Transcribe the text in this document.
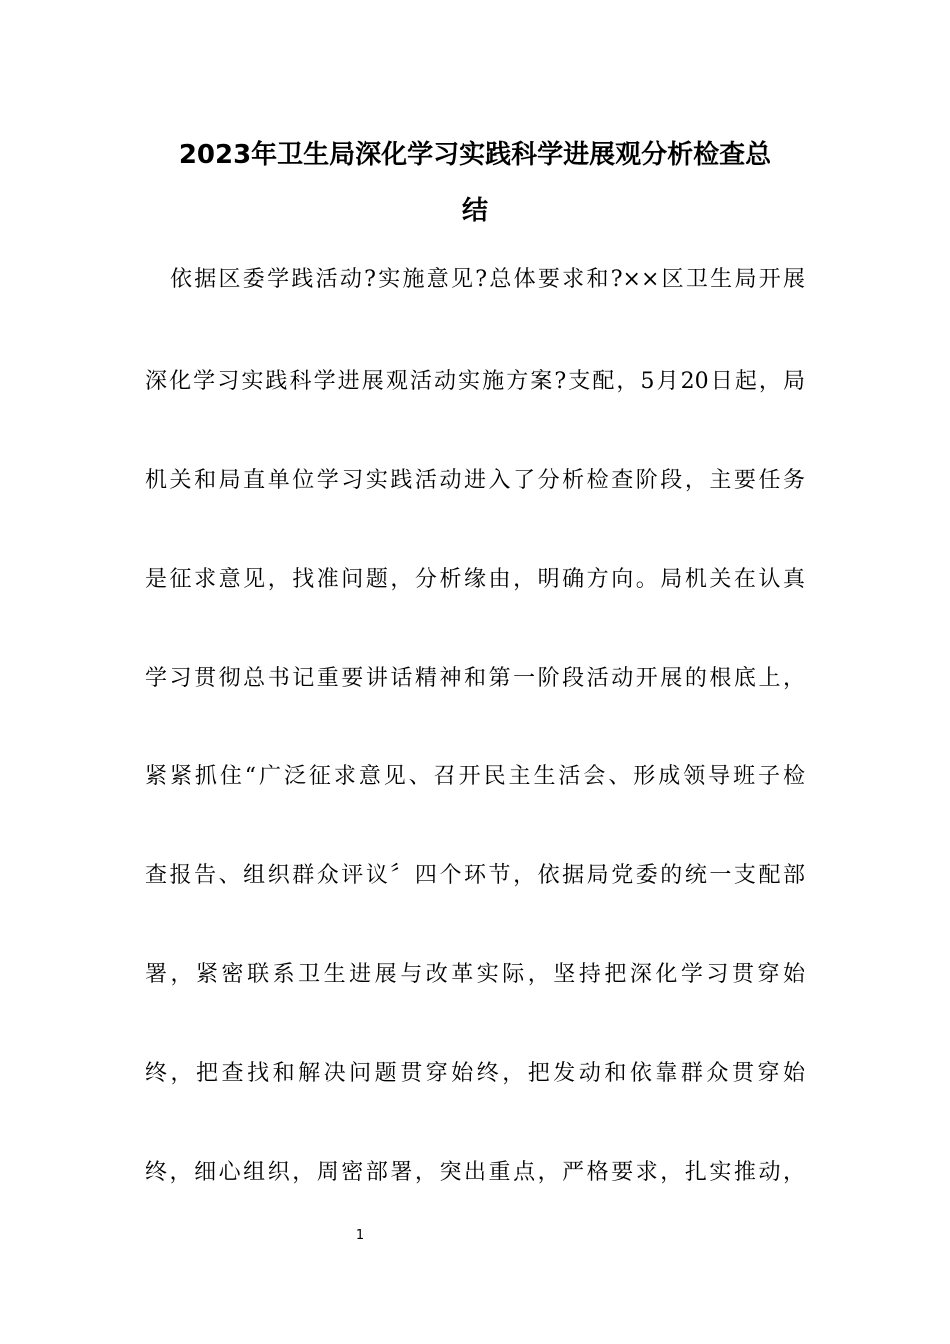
2023年卫生局深化学习实践科学进展观分析检查总
结
依据区委学践活动?实施意见?总体要求和?××区卫生局开展
深化学习实践科学进展观活动实施方案?支配，5月20日起，局
机关和局直单位学习实践活动进入了分析检查阶段，主要任务
是征求意见，找准问题，分析缘由，明确方向。局机关在认真
学习贯彻总书记重要讲话精神和第一阶段活动开展的根底上，
紧紧抓住“广泛征求意见、召开民主生活会、形成领导班子检
查报告、组织群众评议〞四个环节，依据局党委的统一支配部
署，紧密联系卫生进展与改革实际，坚持把深化学习贯穿始
终，把查找和解决问题贯穿始终，把发动和依靠群众贯穿始
终，细心组织，周密部署，突出重点，严格要求，扎实推动，
1
